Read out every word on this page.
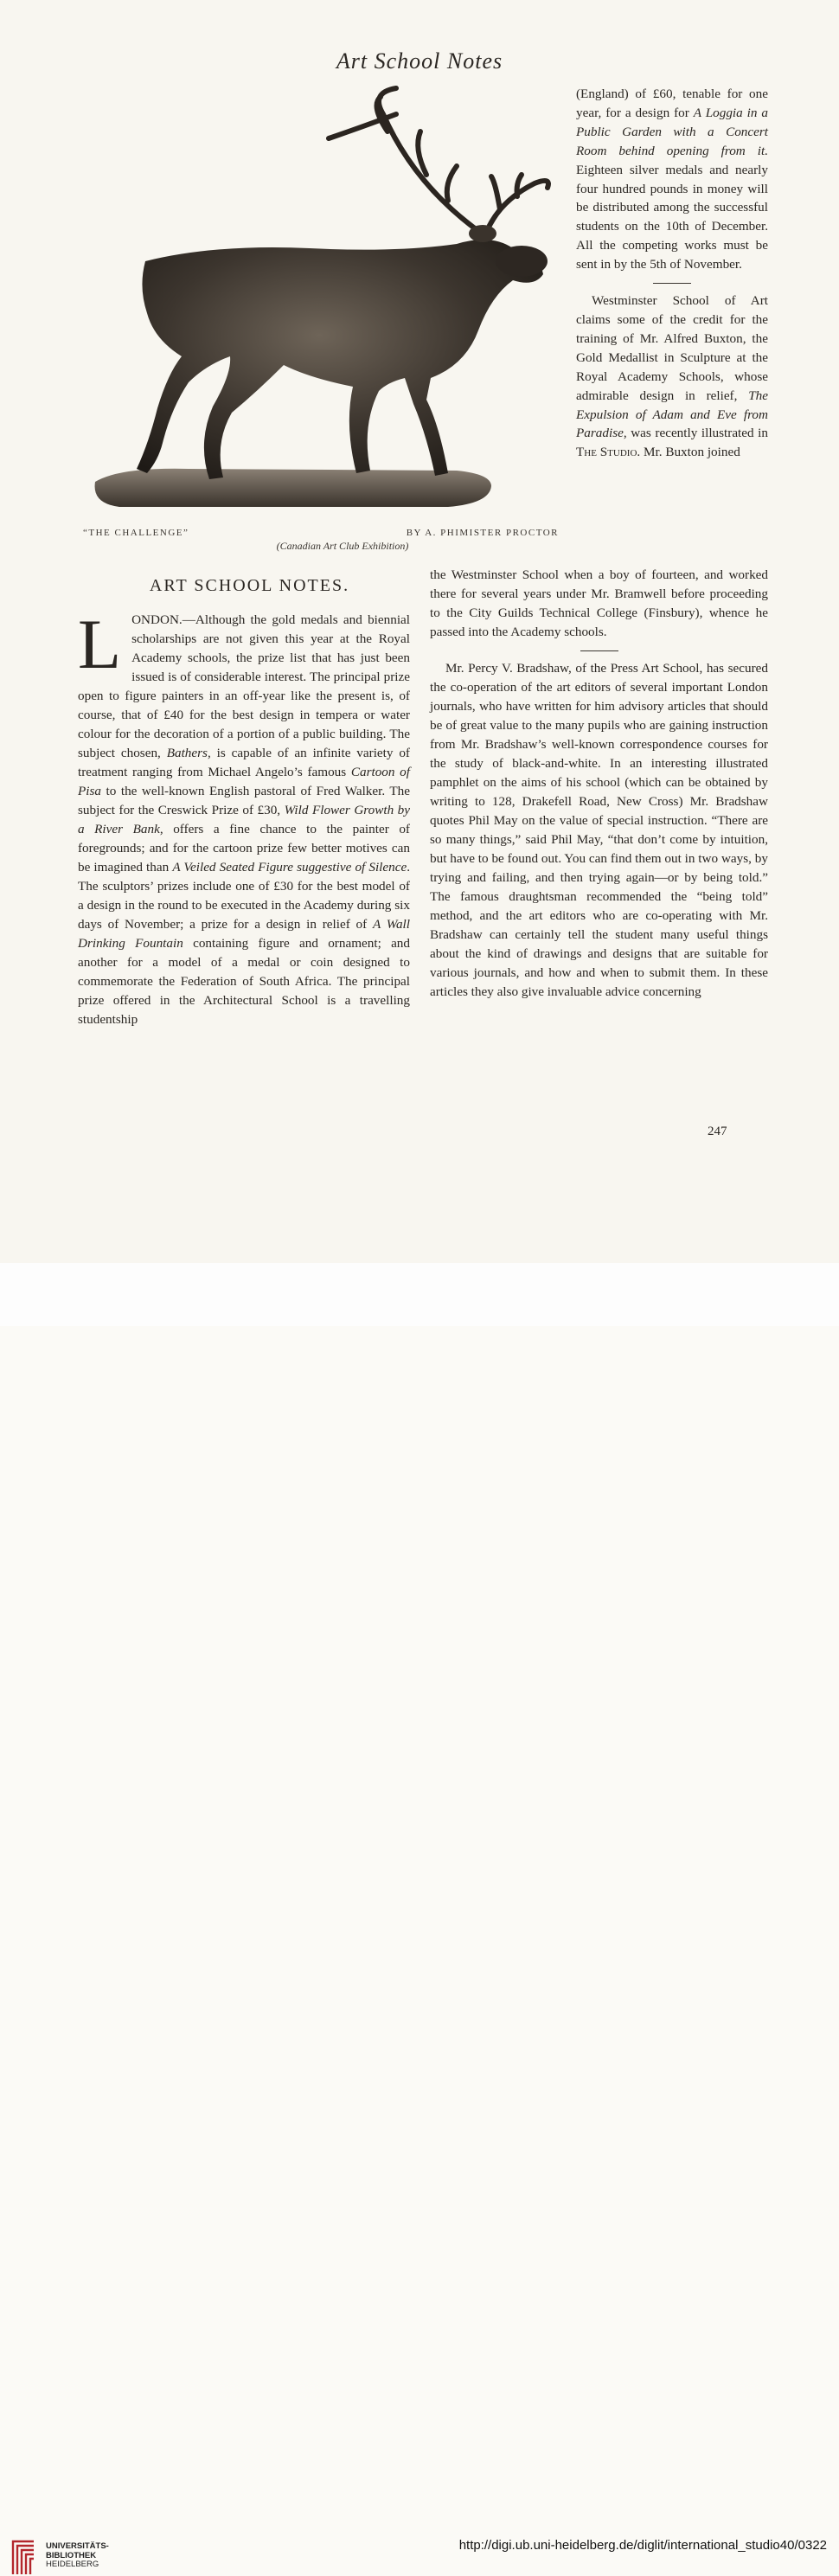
Art School Notes
“THE CHALLENGE”	BY A. PHIMISTER PROCTOR
(Canadian Art Club Exhibition)

(England) of £60, tenable for one year, for a design for A Loggia in a Public Garden with a Concert Room behind opening from it. Eighteen silver medals and nearly four hundred pounds in money will be distributed among the successful students on the 10th of December. All the competing works must be sent in by the 5th of November.

Westminster School of Art claims some of the credit for the training of Mr. Alfred Buxton, the Gold Medallist in Sculpture at the Royal Academy Schools, whose admirable design in relief, The Expulsion of Adam and Eve from Paradise, was recently illustrated in The Studio. Mr. Buxton joined

ART SCHOOL NOTES.

LONDON.—Although the gold medals and biennial scholarships are not given this year at the Royal Academy schools, the prize list that has just been issued is of considerable interest. The principal prize open to figure painters in an off-year like the present is, of course, that of £40 for the best design in tempera or water colour for the decoration of a portion of a public building. The subject chosen, Bathers, is capable of an infinite variety of treatment ranging from Michael Angelo’s famous Cartoon of Pisa to the well-known English pastoral of Fred Walker. The subject for the Creswick Prize of £30, Wild Flower Growth by a River Bank, offers a fine chance to the painter of foregrounds; and for the cartoon prize few better motives can be imagined than A Veiled Seated Figure suggestive of Silence. The sculptors’ prizes include one of £30 for the best model of a design in the round to be executed in the Academy during six days of November; a prize for a design in relief of A Wall Drinking Fountain containing figure and ornament; and another for a model of a medal or coin designed to commemorate the Federation of South Africa. The principal prize offered in the Architectural School is a travelling studentship

the Westminster School when a boy of fourteen, and worked there for several years under Mr. Bramwell before proceeding to the City Guilds Technical College (Finsbury), whence he passed into the Academy schools.

Mr. Percy V. Bradshaw, of the Press Art School, has secured the co-operation of the art editors of several important London journals, who have written for him advisory articles that should be of great value to the many pupils who are gaining instruction from Mr. Bradshaw’s well-known correspondence courses for the study of black-and-white. In an interesting illustrated pamphlet on the aims of his school (which can be obtained by writing to 128, Drakefell Road, New Cross) Mr. Bradshaw quotes Phil May on the value of special instruction. “There are so many things,” said Phil May, “that don’t come by intuition, but have to be found out. You can find them out in two ways, by trying and failing, and then trying again—or by being told.” The famous draughtsman recommended the “being told” method, and the art editors who are co-operating with Mr. Bradshaw can certainly tell the student many useful things about the kind of drawings and designs that are suitable for various journals, and how and when to submit them. In these articles they also give invaluable advice concerning

247
UNIVERSITÄTS-
BIBLIOTHEK
HEIDELBERG
http://digi.ub.uni-heidelberg.de/diglit/international_studio40/0322
